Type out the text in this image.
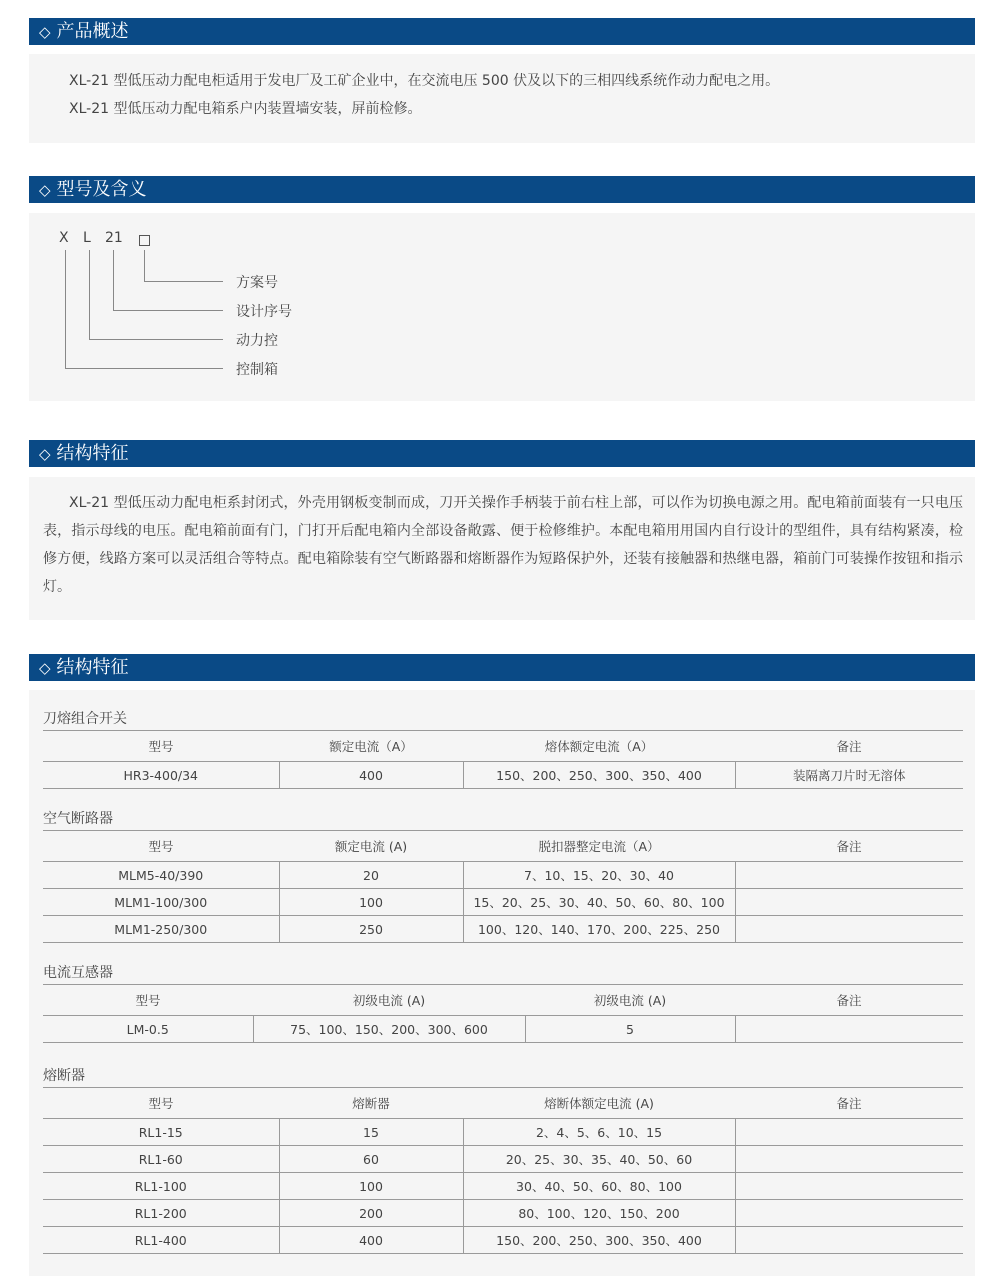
◇ 产品概述
XL-21 型低压动力配电柜适用于发电厂及工矿企业中，在交流电压 500 伏及以下的三相四线系统作动力配电之用。
XL-21 型低压动力配电箱系户内装置墙安装，屏前检修。
◇ 型号及含义
X L 21
方案号
设计序号
动力控
控制箱
◇ 结构特征
XL-21 型低压动力配电柜系封闭式，外壳用钢板变制而成，刀开关操作手柄装于前右柱上部，可以作为切换电源之用。配电箱前面装有一只电压表，指示母线的电压。配电箱前面有门，门打开后配电箱内全部设备敞露、便于检修维护。本配电箱用用国内自行设计的型组件，具有结构紧凑，检修方便，线路方案可以灵活组合等特点。配电箱除装有空气断路器和熔断器作为短路保护外，还装有接触器和热继电器，箱前门可装操作按钮和指示灯。
◇ 结构特征
刀熔组合开关
型号	额定电流（A）	熔体额定电流（A）	备注
HR3-400/34	400	150、200、250、300、350、400	装隔离刀片时无溶体
空气断路器
型号	额定电流 (A)	脱扣器整定电流（A）	备注
MLM5-40/390	20	7、10、15、20、30、40	
MLM1-100/300	100	15、20、25、30、40、50、60、80、100	
MLM1-250/300	250	100、120、140、170、200、225、250	
电流互感器
型号	初级电流 (A)	初级电流 (A)	备注
LM-0.5	75、100、150、200、300、600	5	
熔断器
型号	熔断器	熔断体额定电流 (A)	备注
RL1-15	15	2、4、5、6、10、15	
RL1-60	60	20、25、30、35、40、50、60	
RL1-100	100	30、40、50、60、80、100	
RL1-200	200	80、100、120、150、200	
RL1-400	400	150、200、250、300、350、400	
